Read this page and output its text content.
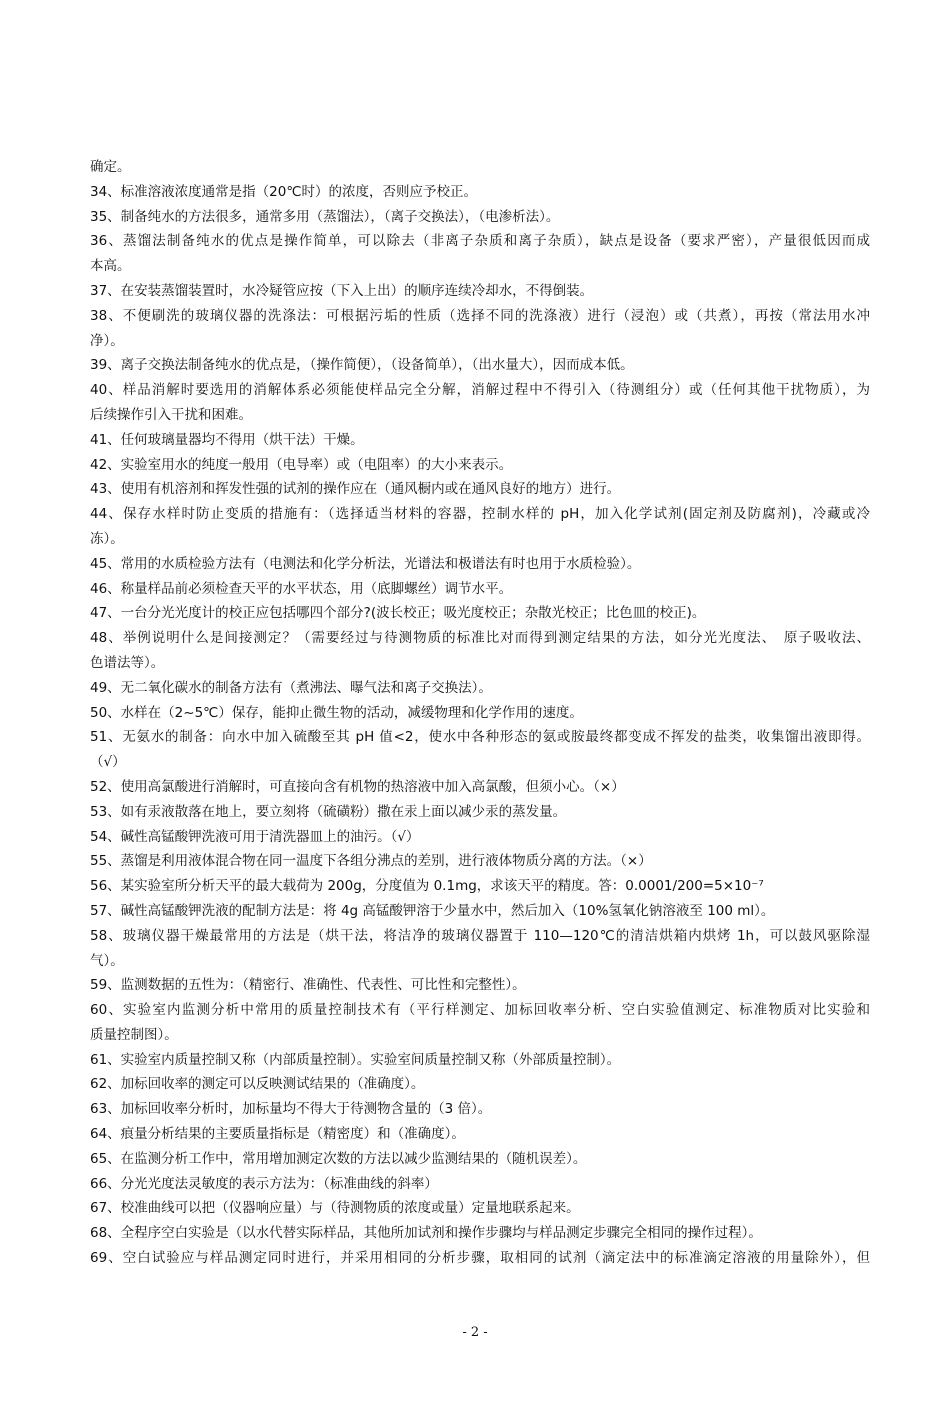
确定。
34、标准溶液浓度通常是指（20℃时）的浓度，否则应予校正。
35、制备纯水的方法很多，通常多用（蒸馏法），（离子交换法），（电渗析法）。
36、蒸馏法制备纯水的优点是操作简单，可以除去（非离子杂质和离子杂质），缺点是设备（要求严密），产量很低因而成
本高。
37、在安装蒸馏装置时，水冷疑管应按（下入上出）的顺序连续冷却水，不得倒装。
38、不便刷洗的玻璃仪器的洗涤法：可根据污垢的性质（选择不同的洗涤液）进行（浸泡）或（共煮），再按（常法用水冲
净）。
39、离子交换法制备纯水的优点是，（操作简便），（设备简单），（出水量大），因而成本低。
40、样品消解时要选用的消解体系必须能使样品完全分解，消解过程中不得引入（待测组分）或（任何其他干扰物质），为
后续操作引入干扰和困难。
41、任何玻璃量器均不得用（烘干法）干燥。
42、实验室用水的纯度一般用（电导率）或（电阻率）的大小来表示。
43、使用有机溶剂和挥发性强的试剂的操作应在（通风橱内或在通风良好的地方）进行。
44、保存水样时防止变质的措施有：（选择适当材料的容器，控制水样的 pH，加入化学试剂(固定剂及防腐剂)，冷藏或冷
冻）。
45、常用的水质检验方法有（电测法和化学分析法，光谱法和极谱法有时也用于水质检验）。
46、称量样品前必须检查天平的水平状态，用（底脚螺丝）调节水平。
47、一台分光光度计的校正应包括哪四个部分?(波长校正；吸光度校正；杂散光校正；比色皿的校正)。
48、举例说明什么是间接测定？（需要经过与待测物质的标准比对而得到测定结果的方法，如分光光度法、　原子吸收法、
色谱法等）。
49、无二氧化碳水的制备方法有（煮沸法、曝气法和离子交换法）。
50、水样在（2~5℃）保存，能抑止微生物的活动，减缓物理和化学作用的速度。
51、无氨水的制备：向水中加入硫酸至其 pH 值<2，使水中各种形态的氨或胺最终都变成不挥发的盐类，收集馏出液即得。
（√）
52、使用高氯酸进行消解时，可直接向含有机物的热溶液中加入高氯酸，但须小心。（×）
53、如有汞液散落在地上，要立刻将（硫磺粉）撒在汞上面以减少汞的蒸发量。
54、碱性高锰酸钾洗液可用于清洗器皿上的油污。（√）
55、蒸馏是利用液体混合物在同一温度下各组分沸点的差别，进行液体物质分离的方法。（×）
56、某实验室所分析天平的最大载荷为 200g，分度值为 0.1mg，求该天平的精度。答：0.0001/200=5×10⁻⁷
57、碱性高锰酸钾洗液的配制方法是：将 4g 高锰酸钾溶于少量水中，然后加入（10%氢氧化钠溶液至 100 ml）。
58、玻璃仪器干燥最常用的方法是（烘干法，将洁净的玻璃仪器置于 110—120℃的清洁烘箱内烘烤 1h，可以鼓风驱除湿
气）。
59、监测数据的五性为：（精密行、准确性、代表性、可比性和完整性）。
60、实验室内监测分析中常用的质量控制技术有（平行样测定、加标回收率分析、空白实验值测定、标准物质对比实验和
质量控制图）。
61、实验室内质量控制又称（内部质量控制）。实验室间质量控制又称（外部质量控制）。
62、加标回收率的测定可以反映测试结果的（准确度）。
63、加标回收率分析时，加标量均不得大于待测物含量的（3 倍）。
64、痕量分析结果的主要质量指标是（精密度）和（准确度）。
65、在监测分析工作中，常用增加测定次数的方法以减少监测结果的（随机误差）。
66、分光光度法灵敏度的表示方法为：（标准曲线的斜率）
67、校准曲线可以把（仪器响应量）与（待测物质的浓度或量）定量地联系起来。
68、全程序空白实验是（以水代替实际样品，其他所加试剂和操作步骤均与样品测定步骤完全相同的操作过程）。
69、空白试验应与样品测定同时进行，并采用相同的分析步骤，取相同的试剂（滴定法中的标准滴定溶液的用量除外），但
- 2 -
